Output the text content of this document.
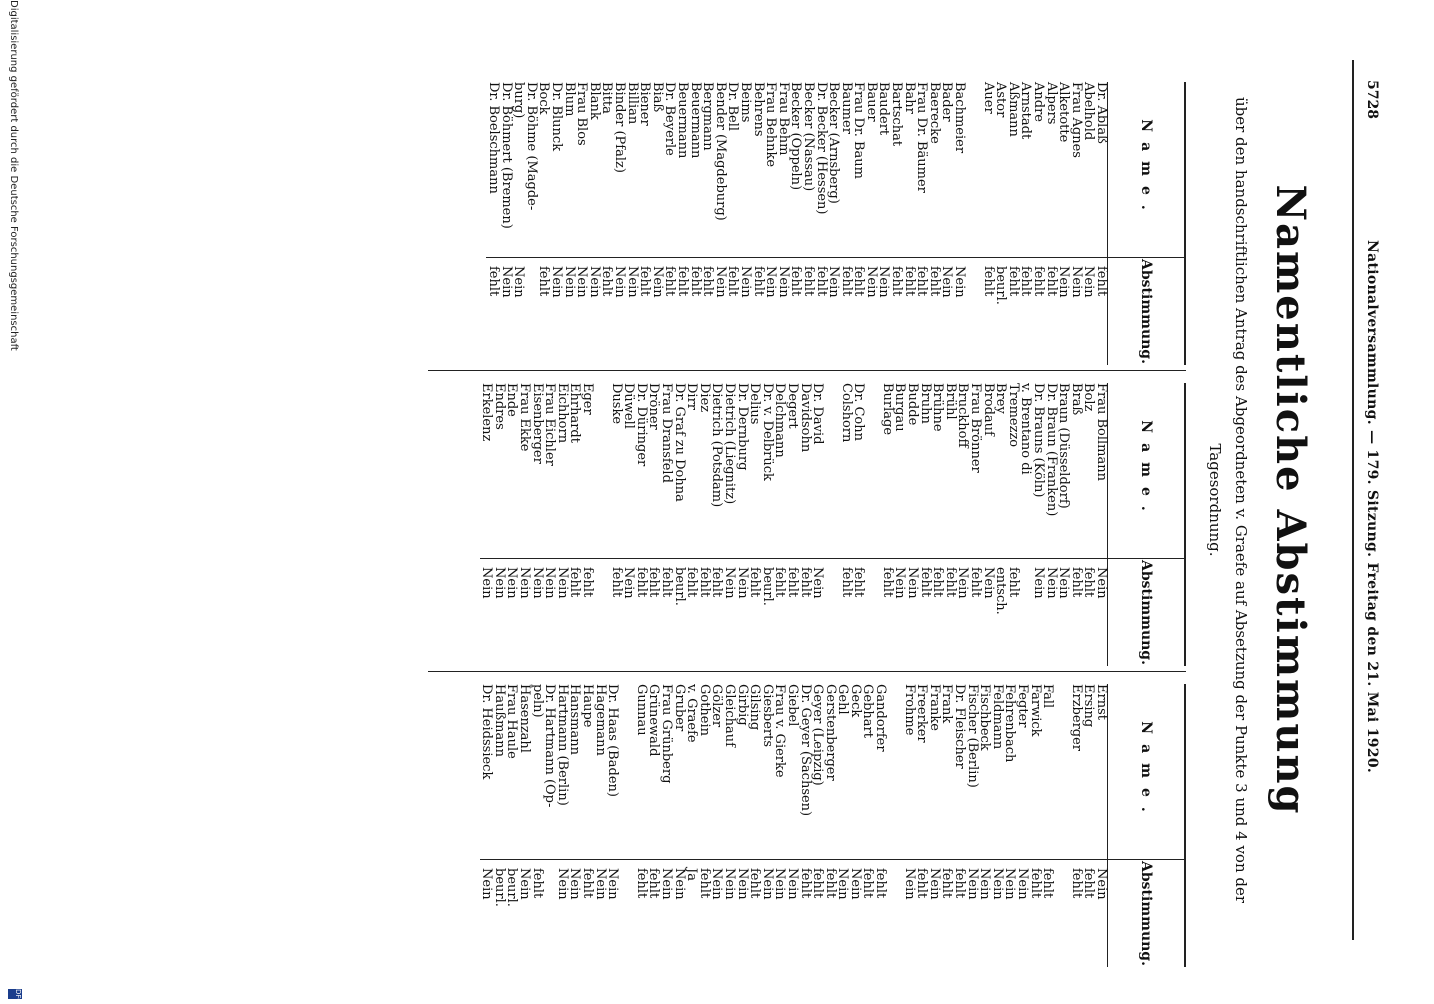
5728
Nationalversammlung. — 179. Sitzung. Freitag den 21. Mai 1920.
Namentliche Abstimmung
über den handschriftlichen Antrag des Abgeordneten v. Graefe auf Absetzung der Punkte 3 und 4 von der Tagesordnung.
Name.	Abstimmung.
Dr. Ablaß	fehlt
Abelhold	Nein
Frau Agnes	Nein
Alketotte	Nein
Alpers	fehlt
Andre	fehlt
Arnstadt	fehlt
Aßmann	fehlt
Astor	beurl.
Auer	fehlt

Bachmeier	Nein
Bader	Nein
Baerecke	fehlt
Frau Dr. Bäumer	fehlt
Bahr	fehlt
Bartschat	fehlt
Baudert	Nein
Bauer	Nein
Frau Dr. Baum	fehlt
Baumer	fehlt
Becker (Arnsberg)	Nein
Dr. Becker (Hessen)	fehlt
Becker (Nassau)	fehlt
Becker (Oppeln)	fehlt
Frau Behm	Nein
Frau Behnke	Nein
Behrens	fehlt
Beims	Nein
Dr. Bell	fehlt
Bender (Magdeburg)	Nein
Bergmann	fehlt
Beuermann	fehlt
Beuermann	fehlt
Dr. Beyerle	fehlt
Biaß	Nein
Biener	fehlt
Billian	Nein
Binder (Pfalz)	Nein
Bitta	fehlt
Blank	Nein
Frau Blos	Nein
Blum	Nein
Dr. Blunck	Nein
Bock	fehlt
Dr. Böhme (Magde-	
burg)	Nein
Dr. Böhmert (Bremen)	Nein
Dr. Boelschmann	fehlt
Name.	Abstimmung.
Frau Bollmann	Nein
Bolz	fehlt
Braß	fehlt
Braun (Düsseldorf)	Nein
Dr. Braun (Franken)	Nein
Dr. Brauns (Köln)	Nein
v. Brentano di	
Tremezzo	fehlt
Brey	entsch.
Brodauf	Nein
Frau Brönner	fehlt
Bruckhoff	Nein
Brühl	fehlt
Brühne	fehlt
Bruhn	fehlt
Budde	Nein
Burgau	Nein
Burlage	fehlt

Dr. Cohn	fehlt
Colshorn	fehlt

Dr. David	Nein
Davidsohn	fehlt
Degert	fehlt
Delchmann	fehlt
Dr. v. Delbrück	beurl.
Delius	fehlt
Dr. Dernburg	Nein
Dietrich (Liegnitz)	Nein
Dietrich (Potsdam)	fehlt
Diez	fehlt
Dirr	fehlt
Dr. Graf zu Dohna	beurl.
Frau Dransfeld	fehlt
Dröner	fehlt
Dr. Düringer	fehlt
Düwell	Nein
Duske	fehlt

Eger	fehlt
Ehrhardt	fehlt
Eichhorn	Nein
Frau Eichler	Nein
Eisenberger	Nein
Frau Ekke	Nein
Ende	Nein
Endres	Nein
Erkelenz	Nein
Name.	Abstimmung.
Ernst	Nein
Ersing	fehlt
Erzberger	fehlt

Fall	fehlt
Farwick	fehlt
Fegter	Nein
Fehrenbach	Nein
Feldmann	Nein
Fischbeck	Nein
Fischer (Berlin)	Nein
Dr. Fleischer	fehlt
Frank	fehlt
Franke	Nein
Freerker	fehlt
Frohme	Nein

Gandorfer	fehlt
Gebhart	fehlt
Geck	Nein
Gehl	Nein
Gerstenberger	fehlt
Geyer (Leipzig)	fehlt
Dr. Geyer (Sachsen)	fehlt
Giebel	Nein
Frau v. Gierke	Nein
Giesberts	Nein
Gilsing	fehlt
Girbig	Nein
Gleichauf	Nein
Gölzer	Nein
Gothein	fehlt
v. Graefe	Ja
Gruber	Nein
Frau Grünberg	Nein
Grünewald	fehlt
Gunnau	fehlt

Dr. Haas (Baden)	Nein
Hagemann	Nein
Haupe	fehlt
Hansmann	Nein
Hartmann (Berlin)	Nein
Dr. Hartmann (Op-	
peln)	fehlt
Hasenzahl	Nein
Frau Haule	beurl.
Haußmann	beurl.
Dr. Heidssieck	Nein
Digitalisierung gefördert durch die Deutsche Forschungsgemeinschaft
DFG
